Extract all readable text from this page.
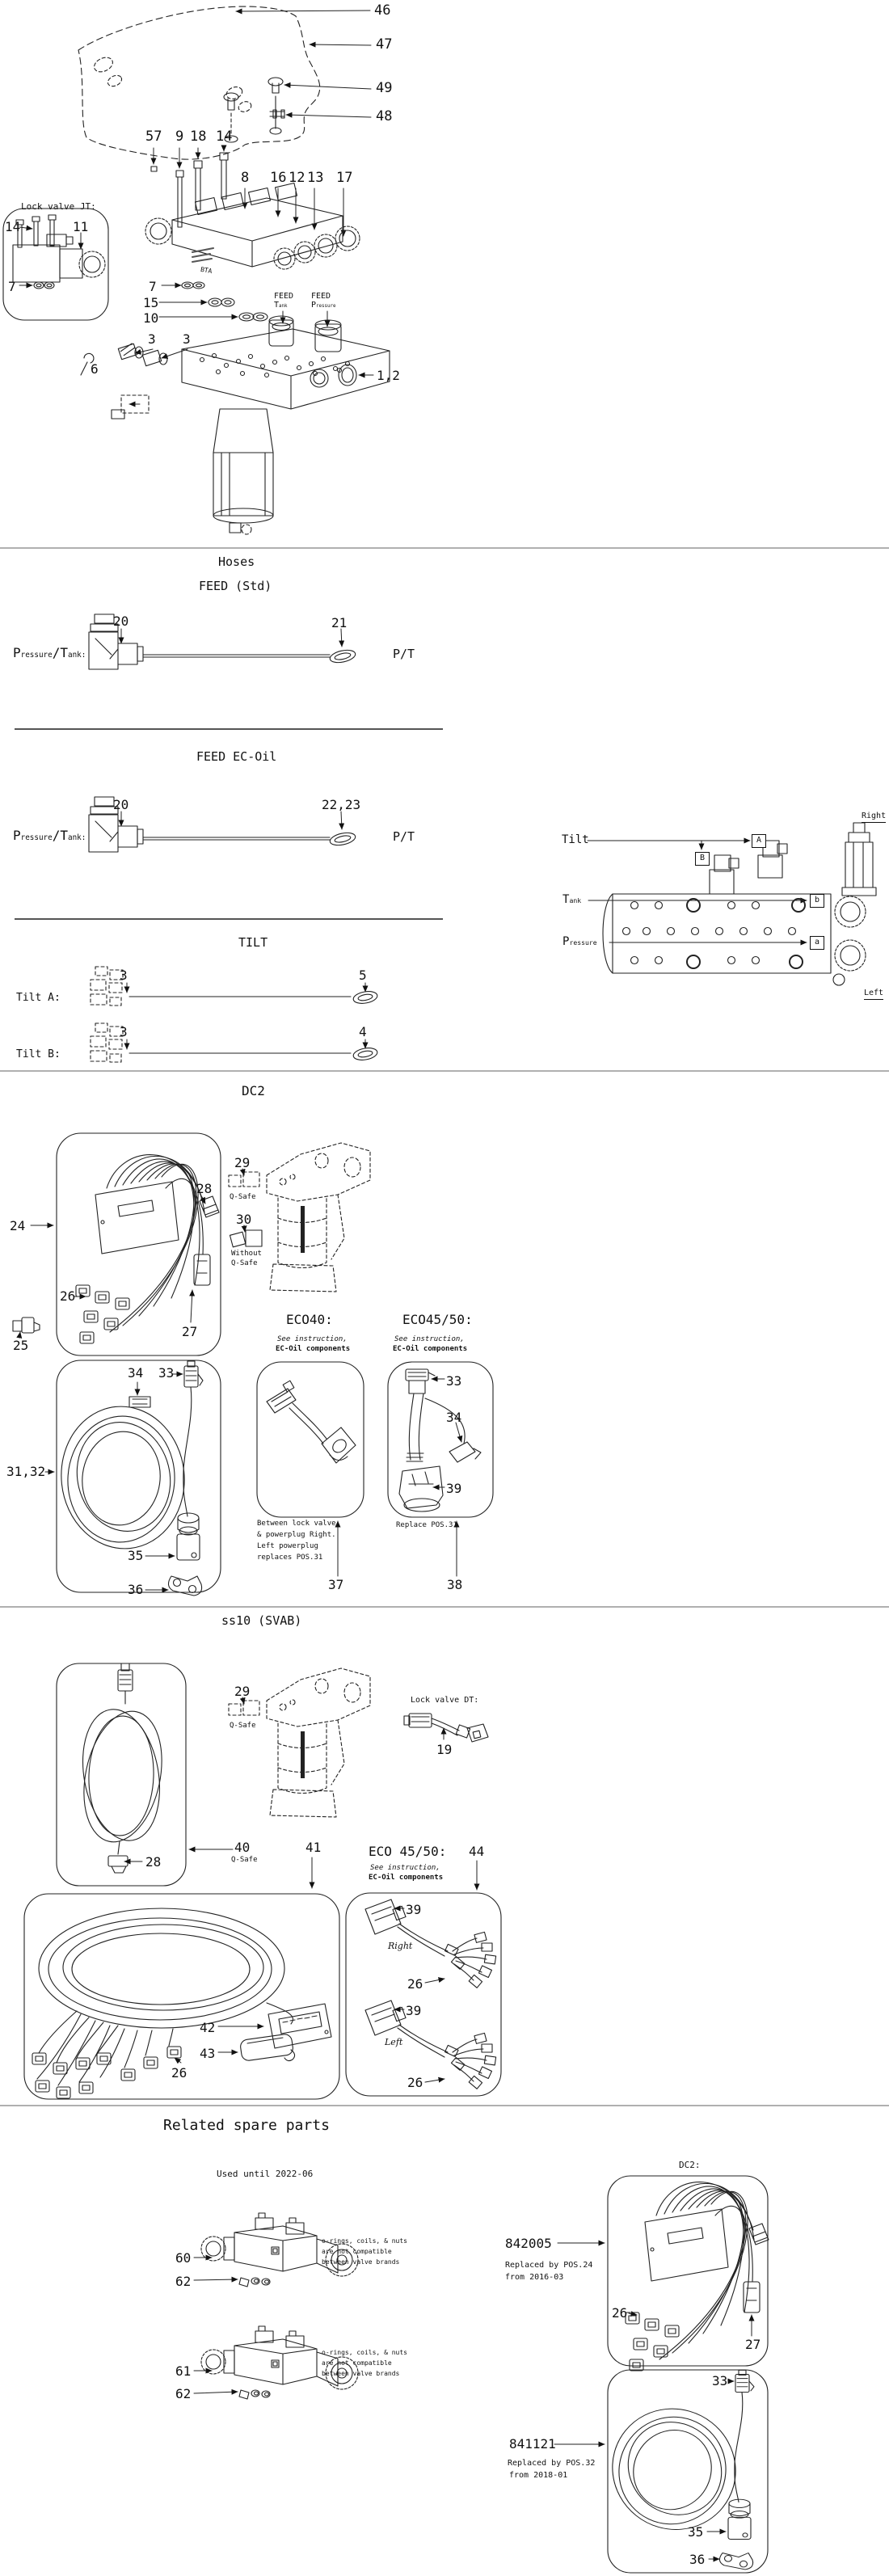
46
47
49
48
57 9 18 14
8 16 12 13 17
Lock valve JT:
14	11
7	7
15
10
FEED
Tank
FEED
Pressure
3 3
6	1,2
BTA
Hoses
FEED (Std)
Pressure/Tank:
20	21
P/T
FEED EC-Oil
Pressure/Tank:
20	22,23
P/T
Right
Tilt	A
B
Tank	b
Pressure	a
Left
TILT
Tilt A:
3	5
Tilt B:
3	4
DC2
24
28
26
27
25
29
Q-Safe
30
Without
Q-Safe
31,32
34 33
35
36
ECO40:
See instruction,
EC-Oil components
Between lock valve
& powerplug Right.
Left powerplug
replaces POS.31
37
ECO45/50:
See instruction,
EC-Oil components
33
34
39
Replace POS.31
38
ss10 (SVAB)
29
Q-Safe
Lock valve DT:
19
28
40
Q-Safe
41	ECO 45/50: 44
See instruction,
EC-Oil components
39
Right
26
39
Left
26
42
43
26
Related spare parts
Used until 2022-06
60
62
o-rings, coils, & nuts
are not compatible
between valve brands
61
62
o-rings, coils, & nuts
are not compatible
between valve brands
DC2:
842005
Replaced by POS.24
from 2016-03
26
27
841121
Replaced by POS.32
from 2018-01
33
35
36
